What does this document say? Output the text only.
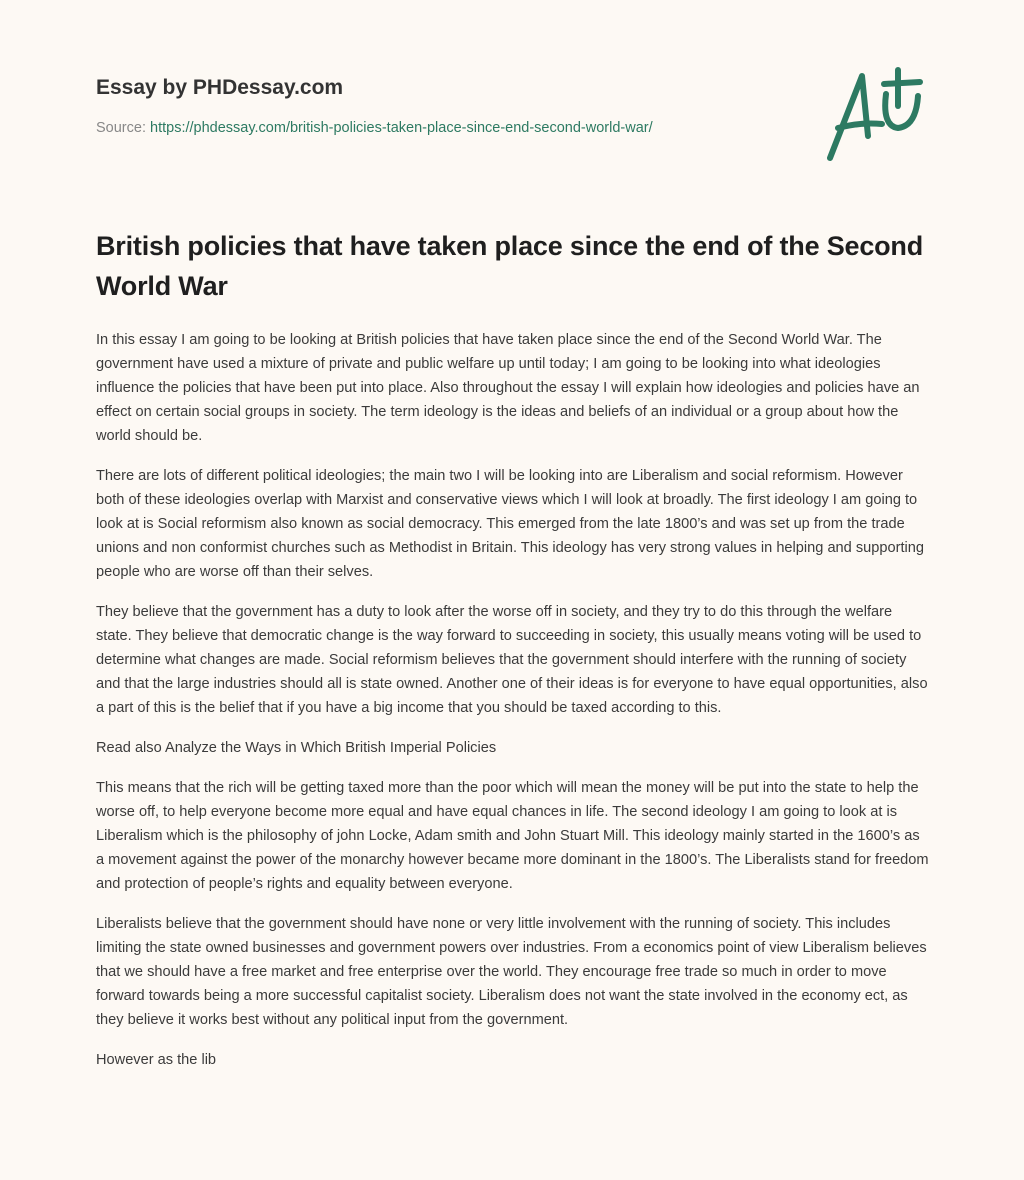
Essay by PHDessay.com
Source: https://phdessay.com/british-policies-taken-place-since-end-second-world-war/
British policies that have taken place since the end of the Second World War

In this essay I am going to be looking at British policies that have taken place since the end of the Second World War. The government have used a mixture of private and public welfare up until today; I am going to be looking into what ideologies influence the policies that have been put into place. Also throughout the essay I will explain how ideologies and policies have an effect on certain social groups in society. The term ideology is the ideas and beliefs of an individual or a group about how the world should be.

There are lots of different political ideologies; the main two I will be looking into are Liberalism and social reformism. However both of these ideologies overlap with Marxist and conservative views which I will look at broadly. The first ideology I am going to look at is Social reformism also known as social democracy. This emerged from the late 1800’s and was set up from the trade unions and non conformist churches such as Methodist in Britain. This ideology has very strong values in helping and supporting people who are worse off than their selves.

They believe that the government has a duty to look after the worse off in society, and they try to do this through the welfare state. They believe that democratic change is the way forward to succeeding in society, this usually means voting will be used to determine what changes are made. Social reformism believes that the government should interfere with the running of society and that the large industries should all is state owned. Another one of their ideas is for everyone to have equal opportunities, also a part of this is the belief that if you have a big income that you should be taxed according to this.

Read also Analyze the Ways in Which British Imperial Policies

This means that the rich will be getting taxed more than the poor which will mean the money will be put into the state to help the worse off, to help everyone become more equal and have equal chances in life. The second ideology I am going to look at is Liberalism which is the philosophy of john Locke, Adam smith and John Stuart Mill. This ideology mainly started in the 1600’s as a movement against the power of the monarchy however became more dominant in the 1800’s. The Liberalists stand for freedom and protection of people’s rights and equality between everyone.

Liberalists believe that the government should have none or very little involvement with the running of society. This includes limiting the state owned businesses and government powers over industries. From a economics point of view Liberalism believes that we should have a free market and free enterprise over the world. They encourage free trade so much in order to move forward towards being a more successful capitalist society. Liberalism does not want the state involved in the economy ect, as they believe it works best without any political input from the government.

However as the lib
